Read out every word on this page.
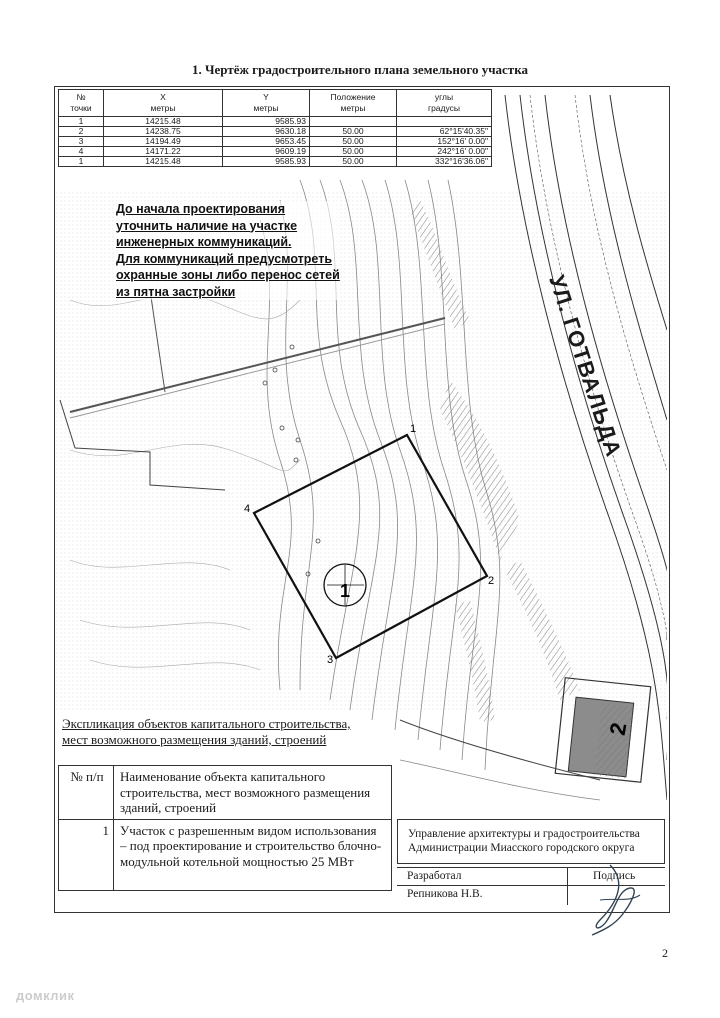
1. Чертёж градостроительного плана земельного участка
1
2
3
4
1
2
№
точки	X
метры	Y
метры	Положение
метры	углы
градусы
1	14215.48	9585.93		
2	14238.75	9630.18	50.00	62°15'40.35"
3	14194.49	9653.45	50.00	152°16' 0.00"
4	14171.22	9609.19	50.00	242°16' 0.00"
1	14215.48	9585.93	50.00	332°16'36.06"
До начала проектирования
уточнить наличие на участке
инженерных коммуникаций.
Для коммуникаций предусмотреть
охранные зоны либо перенос сетей
из пятна застройки	УЛ. ГОТВАЛЬДА
Экспликация объектов капитального строительства,
мест возможного размещения зданий, строений
№ п/п	Наименование объекта капитального строительства, мест возможного размещения зданий, строений
1	Участок с разрешенным видом использования – под проектирование и строительство блочно-модульной котельной мощностью 25 МВт
Управление архитектуры и градостроительства Администрации Миасского городского округа
Разработал	Подпись
Репникова Н.В.
2
домклик
